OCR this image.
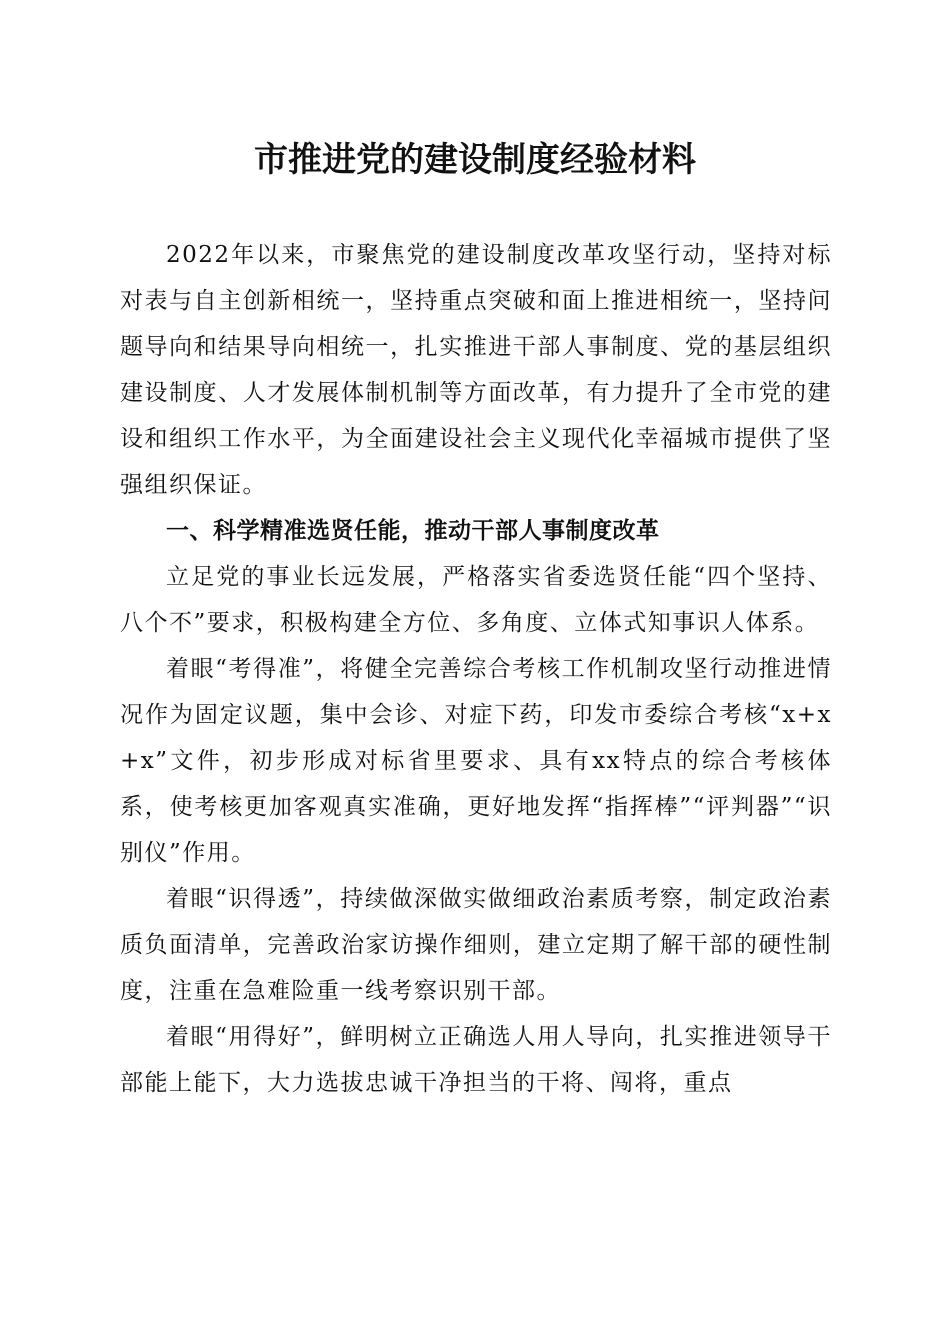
市推进党的建设制度经验材料

2022年以来，市聚焦党的建设制度改革攻坚行动，坚持对标对表与自主创新相统一，坚持重点突破和面上推进相统一，坚持问题导向和结果导向相统一，扎实推进干部人事制度、党的基层组织建设制度、人才发展体制机制等方面改革，有力提升了全市党的建设和组织工作水平，为全面建设社会主义现代化幸福城市提供了坚强组织保证。

一、科学精准选贤任能，推动干部人事制度改革

立足党的事业长远发展，严格落实省委选贤任能“四个坚持、八个不”要求，积极构建全方位、多角度、立体式知事识人体系。

着眼“考得准”，将健全完善综合考核工作机制攻坚行动推进情况作为固定议题，集中会诊、对症下药，印发市委综合考核“x+x+x”文件，初步形成对标省里要求、具有xx特点的综合考核体系，使考核更加客观真实准确，更好地发挥“指挥棒”“评判器”“识别仪”作用。

着眼“识得透”，持续做深做实做细政治素质考察，制定政治素质负面清单，完善政治家访操作细则，建立定期了解干部的硬性制度，注重在急难险重一线考察识别干部。

着眼“用得好”，鲜明树立正确选人用人导向，扎实推进领导干部能上能下，大力选拔忠诚干净担当的干将、闯将，重点
